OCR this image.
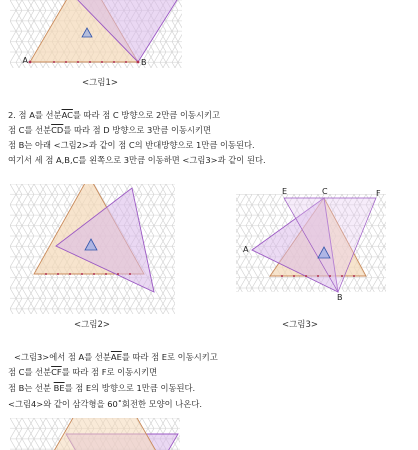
A	B
<그림1>
2. 점 A를 선분$\overline{AC}$를 따라 점 C 방향으로 2만큼 이동시키고
점 C를 선분$\overline{CD}$를 따라 점 D 방향으로 3만큼 이동시키면
점 B는 아래 <그림2>과 같이 점 C의 반대방향으로 1만큼 이동된다.
여기서 세 점 A,B,C를 왼쪽으로 3만큼 이동하면 <그림3>과 같이 된다.
<그림2>
E	C	F
A
B
<그림3>
<그림3>에서 점 A를 선분$\overline{AE}$를 따라 점 E로 이동시키고
점 C를 선분$\overline{CF}$를 따라 점 F로 이동시키면
점 B는 선분 $\overline{BE}$를 점 E의 방향으로 1만큼 이동된다.
<그림4>와 같이 삼각형을 60˚회전한 모양이 나온다.
